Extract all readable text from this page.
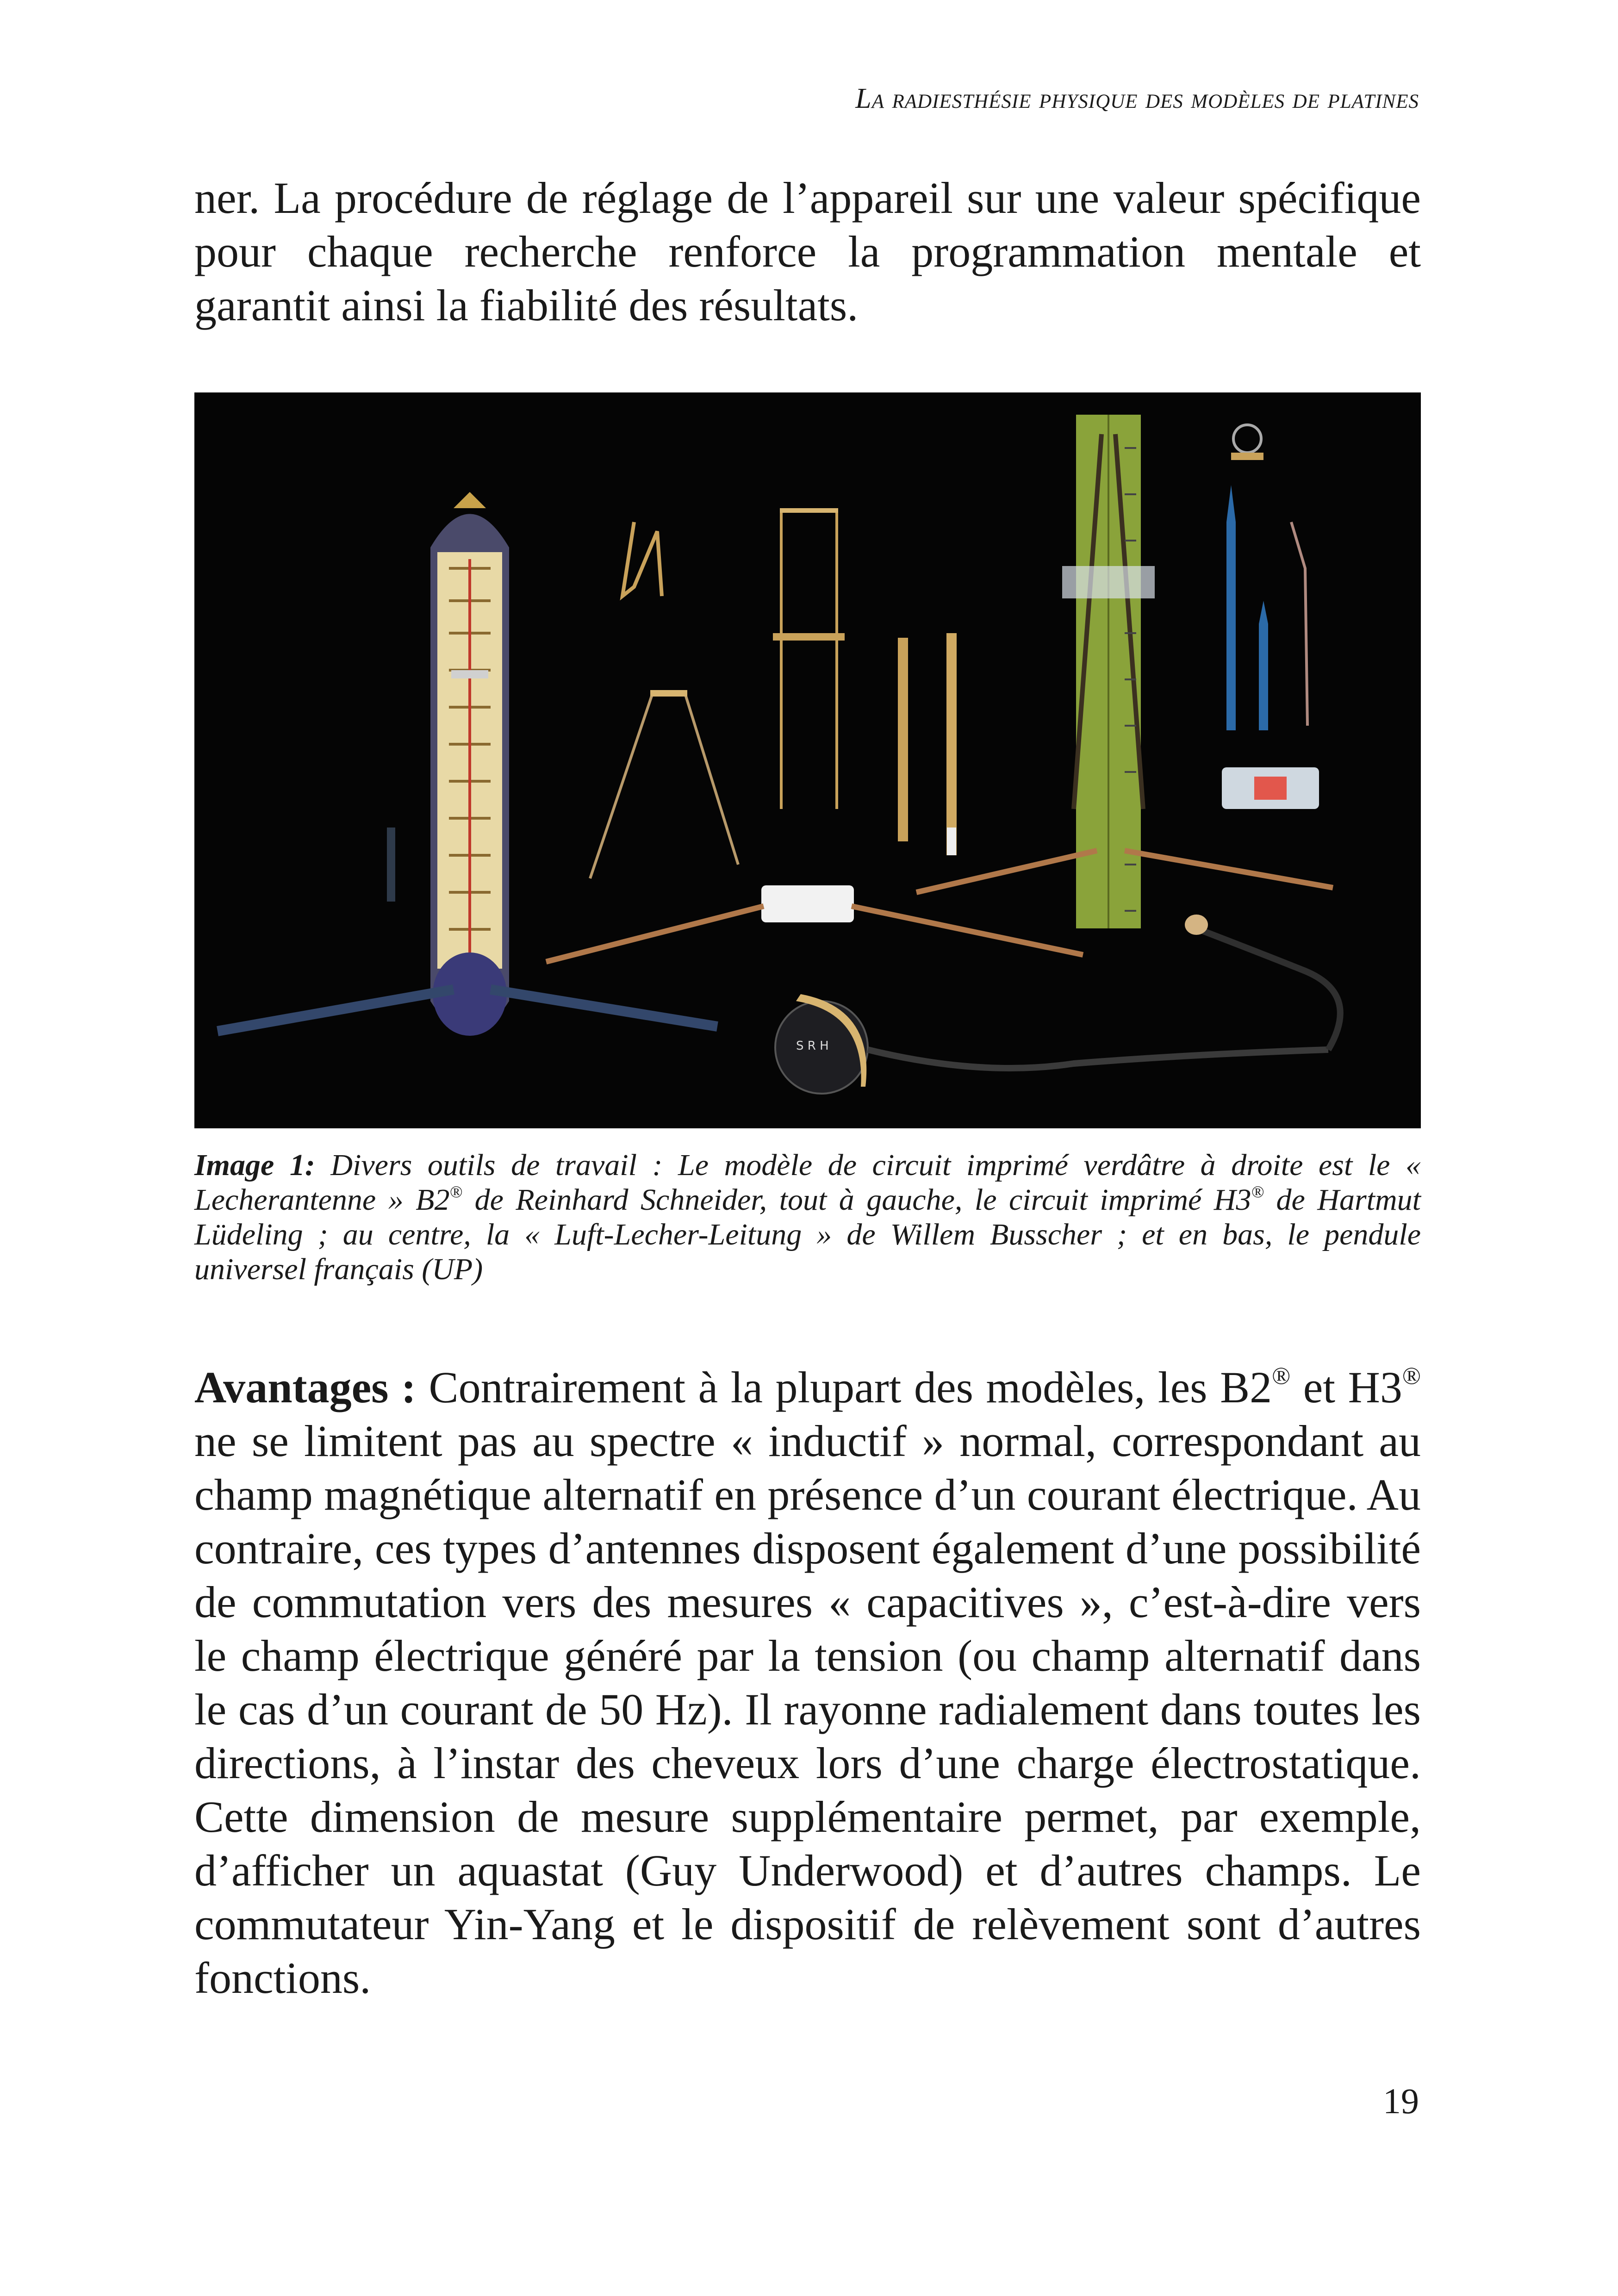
La radiesthésie physique des modèles de platines

ner. La procédure de réglage de l’appareil sur une valeur spécifique pour chaque recherche renforce la programmation mentale et garantit ainsi la fiabilité des résultats.

S R H

Image 1: Divers outils de travail : Le modèle de circuit imprimé verdâtre à droite est le « Lecherantenne » B2® de Reinhard Schneider, tout à gauche, le circuit imprimé H3® de Hartmut Lüdeling ; au centre, la « Luft-Lecher-Leitung » de Willem Busscher ; et en bas, le pendule universel français (UP)

Avantages : Contrairement à la plupart des modèles, les B2® et H3® ne se limitent pas au spectre « inductif » normal, correspondant au champ magnétique alternatif en présence d’un courant électrique. Au contraire, ces types d’antennes disposent également d’une possibilité de commutation vers des mesures « capacitives », c’est-à-dire vers le champ électrique généré par la tension (ou champ alternatif dans le cas d’un courant de 50 Hz). Il rayonne radialement dans toutes les directions, à l’instar des cheveux lors d’une charge électrostatique. Cette dimension de mesure supplémentaire permet, par exemple, d’afficher un aquastat (Guy Underwood) et d’autres champs. Le commutateur Yin-Yang et le dispositif de relèvement sont d’autres fonctions.

19
